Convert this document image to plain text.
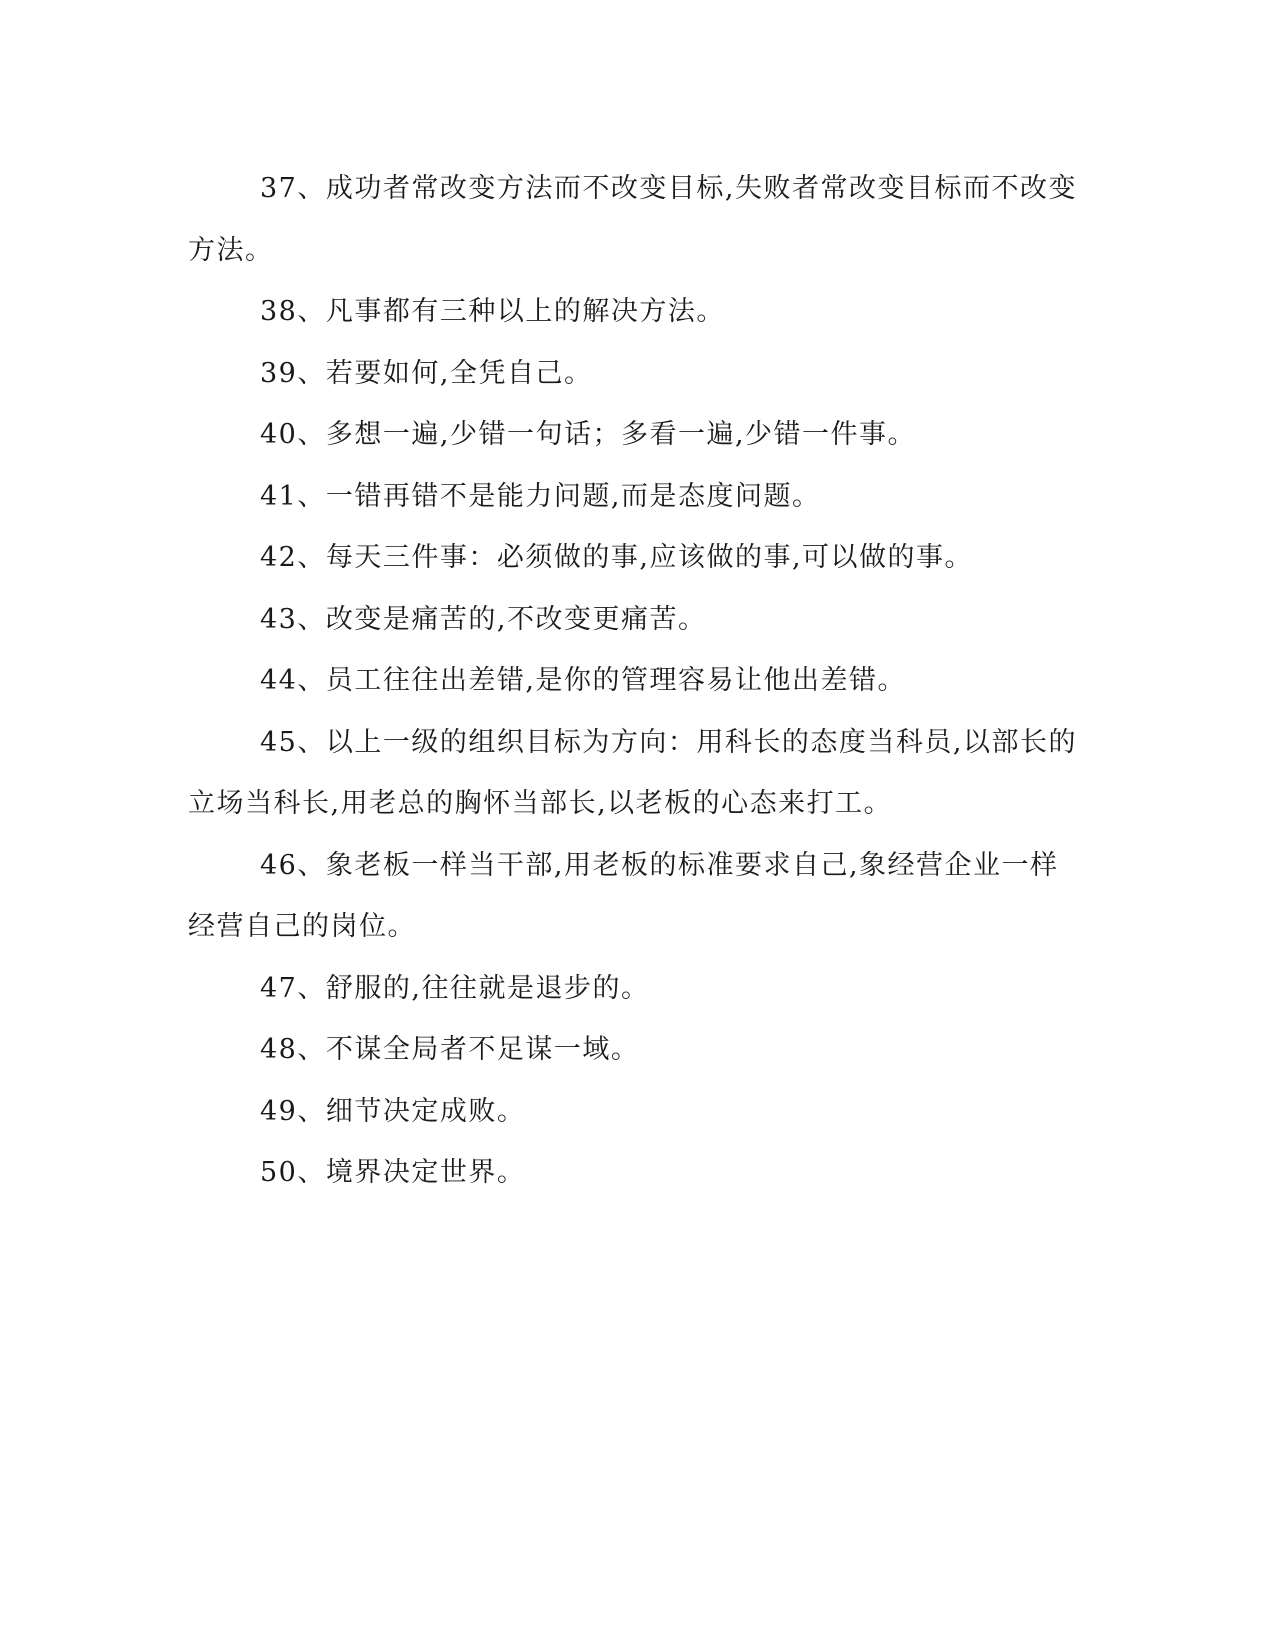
37、成功者常改变方法而不改变目标,失败者常改变目标而不改变方法。

38、凡事都有三种以上的解决方法。

39、若要如何,全凭自己。

40、多想一遍,少错一句话；多看一遍,少错一件事。

41、一错再错不是能力问题,而是态度问题。

42、每天三件事：必须做的事,应该做的事,可以做的事。

43、改变是痛苦的,不改变更痛苦。

44、员工往往出差错,是你的管理容易让他出差错。

45、以上一级的组织目标为方向：用科长的态度当科员,以部长的立场当科长,用老总的胸怀当部长,以老板的心态来打工。

46、象老板一样当干部,用老板的标准要求自己,象经营企业一样经营自己的岗位。

47、舒服的,往往就是退步的。

48、不谋全局者不足谋一域。

49、细节决定成败。

50、境界决定世界。
